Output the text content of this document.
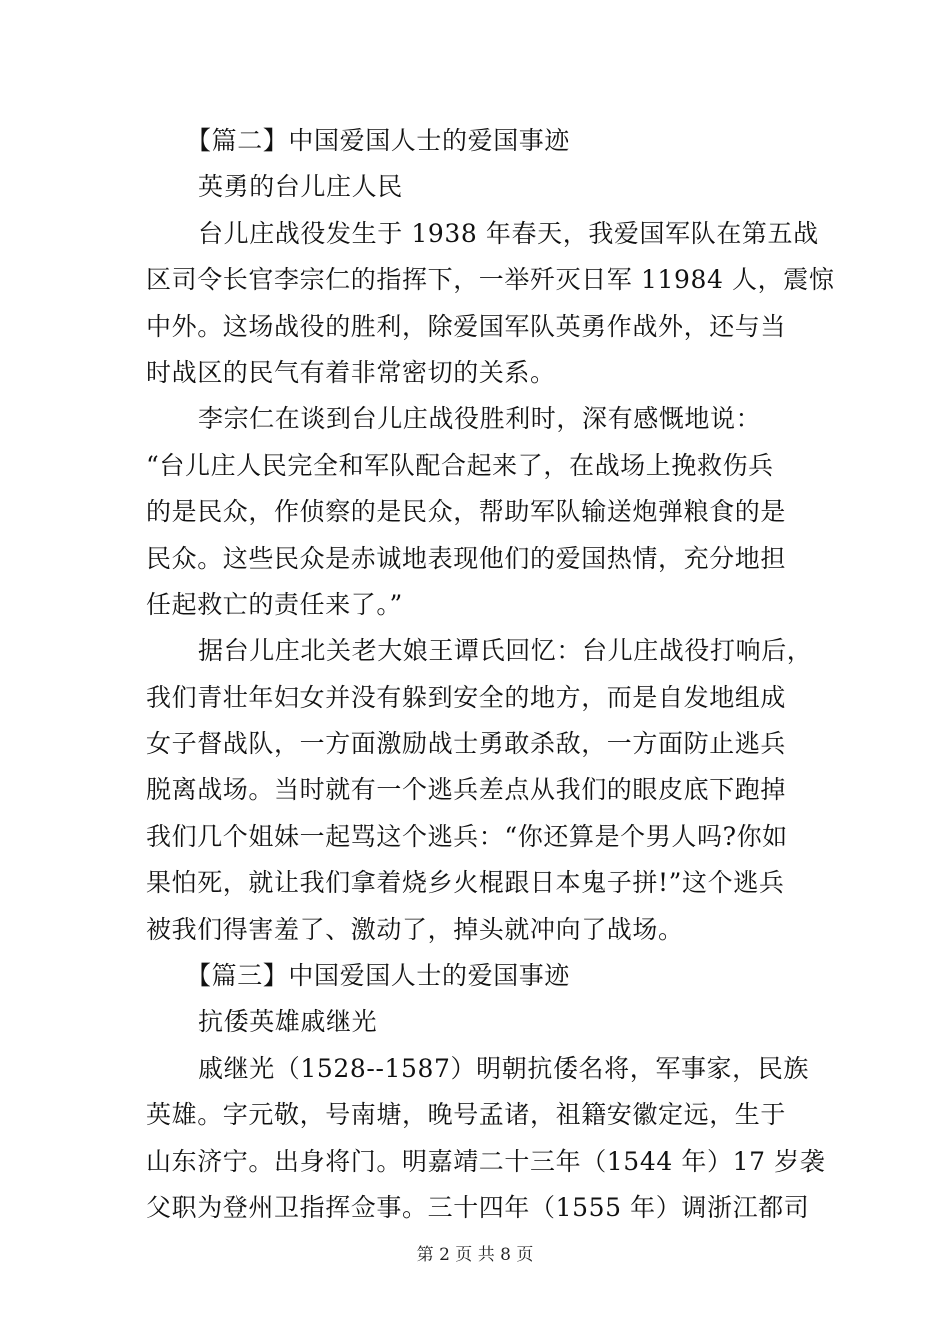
【篇二】中国爱国人士的爱国事迹
英勇的台儿庄人民
台儿庄战役发生于 1938 年春天，我爱国军队在第五战
区司令长官李宗仁的指挥下，一举歼灭日军 11984 人，震惊
中外。这场战役的胜利，除爱国军队英勇作战外，还与当
时战区的民气有着非常密切的关系。
李宗仁在谈到台儿庄战役胜利时，深有感慨地说：
“台儿庄人民完全和军队配合起来了，在战场上挽救伤兵
的是民众，作侦察的是民众，帮助军队输送炮弹粮食的是
民众。这些民众是赤诚地表现他们的爱国热情，充分地担
任起救亡的责任来了。”
据台儿庄北关老大娘王谭氏回忆：台儿庄战役打响后，
我们青壮年妇女并没有躲到安全的地方，而是自发地组成
女子督战队，一方面激励战士勇敢杀敌，一方面防止逃兵
脱离战场。当时就有一个逃兵差点从我们的眼皮底下跑掉
我们几个姐妹一起骂这个逃兵：“你还算是个男人吗?你如
果怕死，就让我们拿着烧乡火棍跟日本鬼子拼!”这个逃兵
被我们得害羞了、激动了，掉头就冲向了战场。
【篇三】中国爱国人士的爱国事迹
抗倭英雄戚继光
戚继光（1528--1587）明朝抗倭名将，军事家，民族
英雄。字元敬，号南塘，晚号孟诸，祖籍安徽定远，生于
山东济宁。出身将门。明嘉靖二十三年（1544 年）17 岁袭
父职为登州卫指挥佥事。三十四年（1555 年）调浙江都司
第 2 页 共 8 页
